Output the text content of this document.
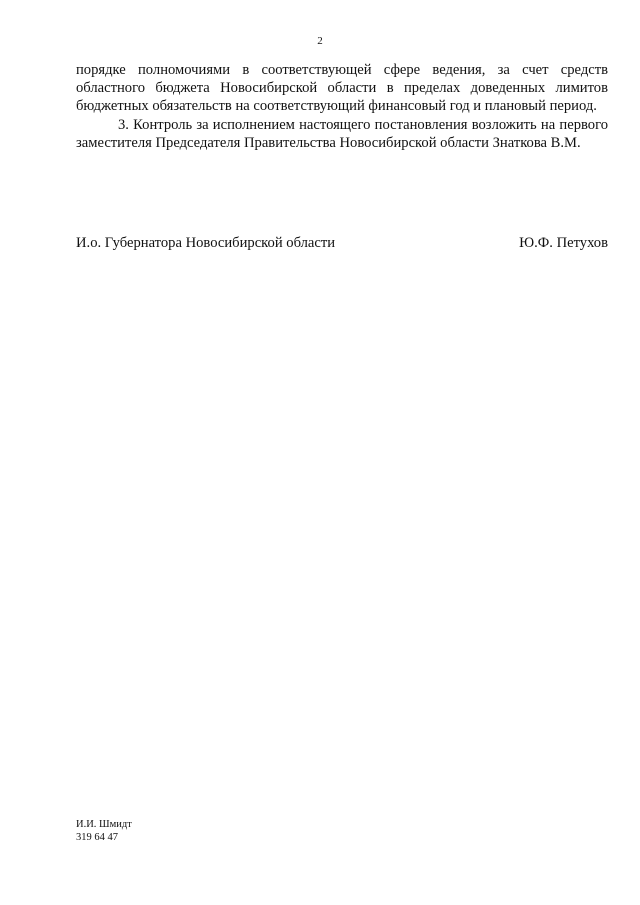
2

порядке полномочиями в соответствующей сфере ведения, за счет средств областного бюджета Новосибирской области в пределах доведенных лимитов бюджетных обязательств на соответствующий финансовый год и плановый период.

3. Контроль за исполнением настоящего постановления возложить на первого заместителя Председателя Правительства Новосибирской области Знаткова В.М.

И.о. Губернатора Новосибирской области	Ю.Ф. Петухов
И.И. Шмидт
319 64 47
